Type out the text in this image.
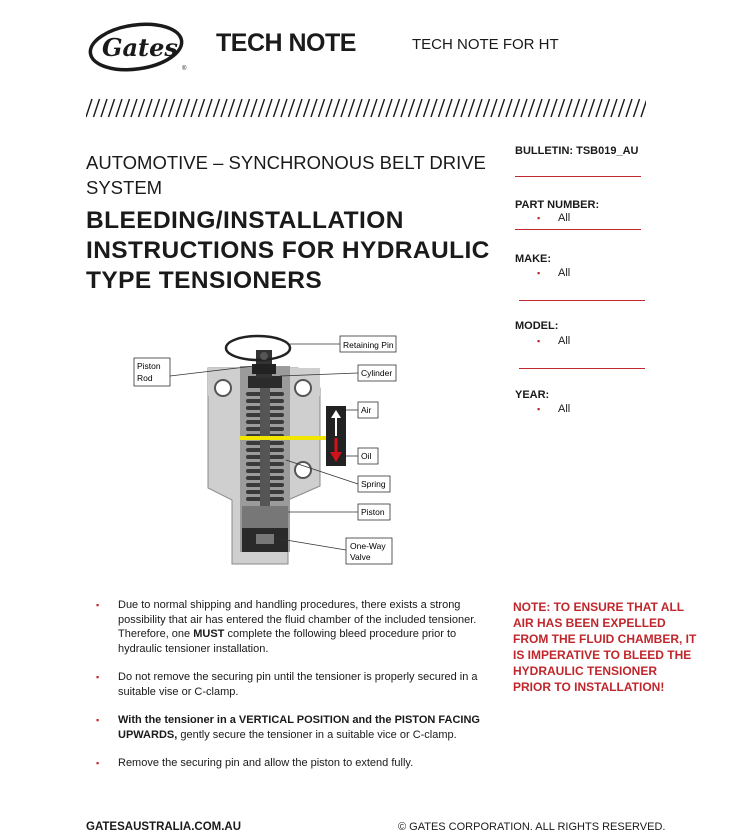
Gates
®
TECH NOTE	TECH NOTE FOR HT
AUTOMOTIVE – SYNCHRONOUS BELT DRIVE SYSTEM
BLEEDING/INSTALLATION INSTRUCTIONS FOR HYDRAULIC TYPE TENSIONERS
BULLETIN: TSB019_AU
PART NUMBER:
▪ All
MAKE:
▪ All
MODEL:
▪ All
YEAR:
▪ All
Retaining Pin
Piston
Rod	Cylinder
Air
Oil
Spring
Piston
One-Way
Valve
▪ Due to normal shipping and handling procedures, there exists a strong possibility that air has entered the fluid chamber of the included tensioner. Therefore, one MUST complete the following bleed procedure prior to hydraulic tensioner installation.
▪ Do not remove the securing pin until the tensioner is properly secured in a suitable vise or C-clamp.
▪ With the tensioner in a VERTICAL POSITION and the PISTON FACING UPWARDS, gently secure the tensioner in a suitable vice or C-clamp.
▪ Remove the securing pin and allow the piston to extend fully.
NOTE: TO ENSURE THAT ALL AIR HAS BEEN EXPELLED FROM THE FLUID CHAMBER, IT IS IMPERATIVE TO BLEED THE HYDRAULIC TENSIONER PRIOR TO INSTALLATION!
GATESAUSTRALIA.COM.AU	© GATES CORPORATION. ALL RIGHTS RESERVED.
